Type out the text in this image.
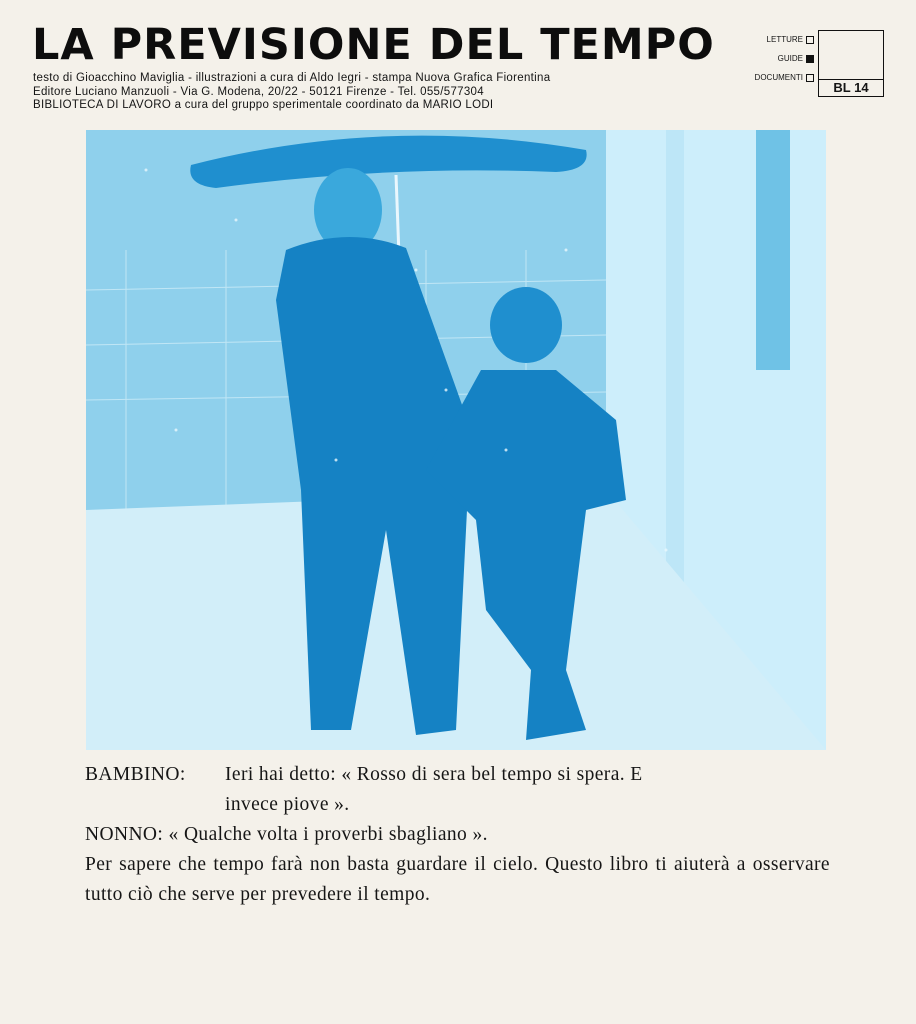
LA PREVISIONE DEL TEMPO
testo di Gioacchino Maviglia - illustrazioni a cura di Aldo Iegri - stampa Nuova Grafica Fiorentina
Editore Luciano Manzuoli - Via G. Modena, 20/22 - 50121 Firenze - Tel. 055/577304
BIBLIOTECA DI LAVORO a cura del gruppo sperimentale coordinato da MARIO LODI
LETTURE
GUIDE
DOCUMENTI
BL 14
BAMBINO:	Ieri hai detto: « Rosso di sera bel tempo si spera. E
invece piove ».
NONNO:
« Qualche volta i proverbi sbagliano ».
Per sapere che tempo farà non basta guardare il cielo. Questo libro ti aiuterà a osservare tutto ciò che serve per prevedere il tempo.
